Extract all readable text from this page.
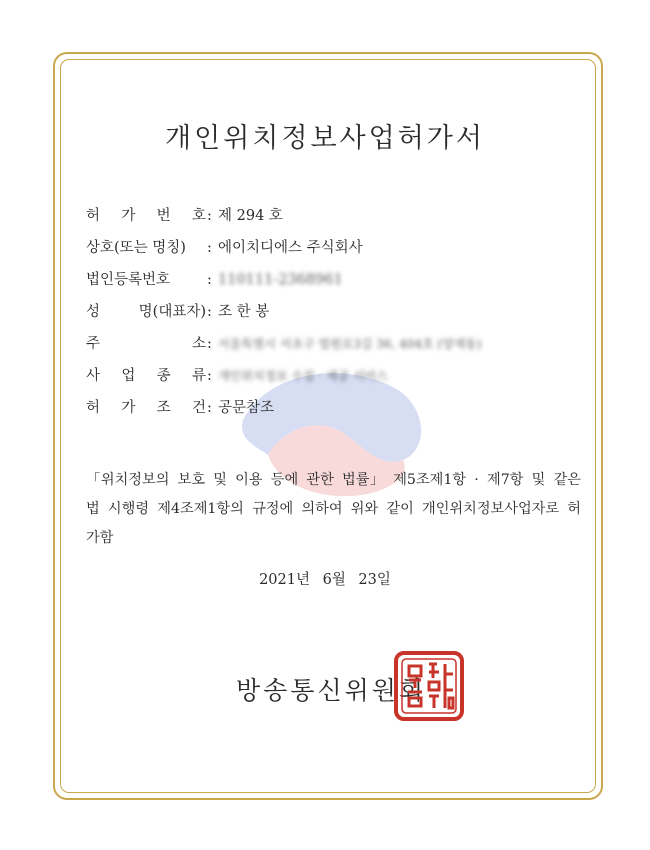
개인위치정보사업허가서
허 가 번 호 : 제 294 호
상호(또는 명칭) : 에이치디에스 주식회사
법인등록번호	: 110111-2368961
성	명(대표자) : 조 한 봉
주	소 : 서울특별시 서초구 법원로3길 36, 404호 (양재동)
사 업 종 류 : 개인위치정보 수집 · 제공 서비스
허 가 조 건 : 공문참조
「위치정보의 보호 및 이용 등에 관한 법률」 제5조제1항 · 제7항 및 같은 법 시행령 제4조제1항의 규정에 의하여 위와 같이 개인위치정보사업자로 허가함
2021년 6월 23일
방송통신위원회
